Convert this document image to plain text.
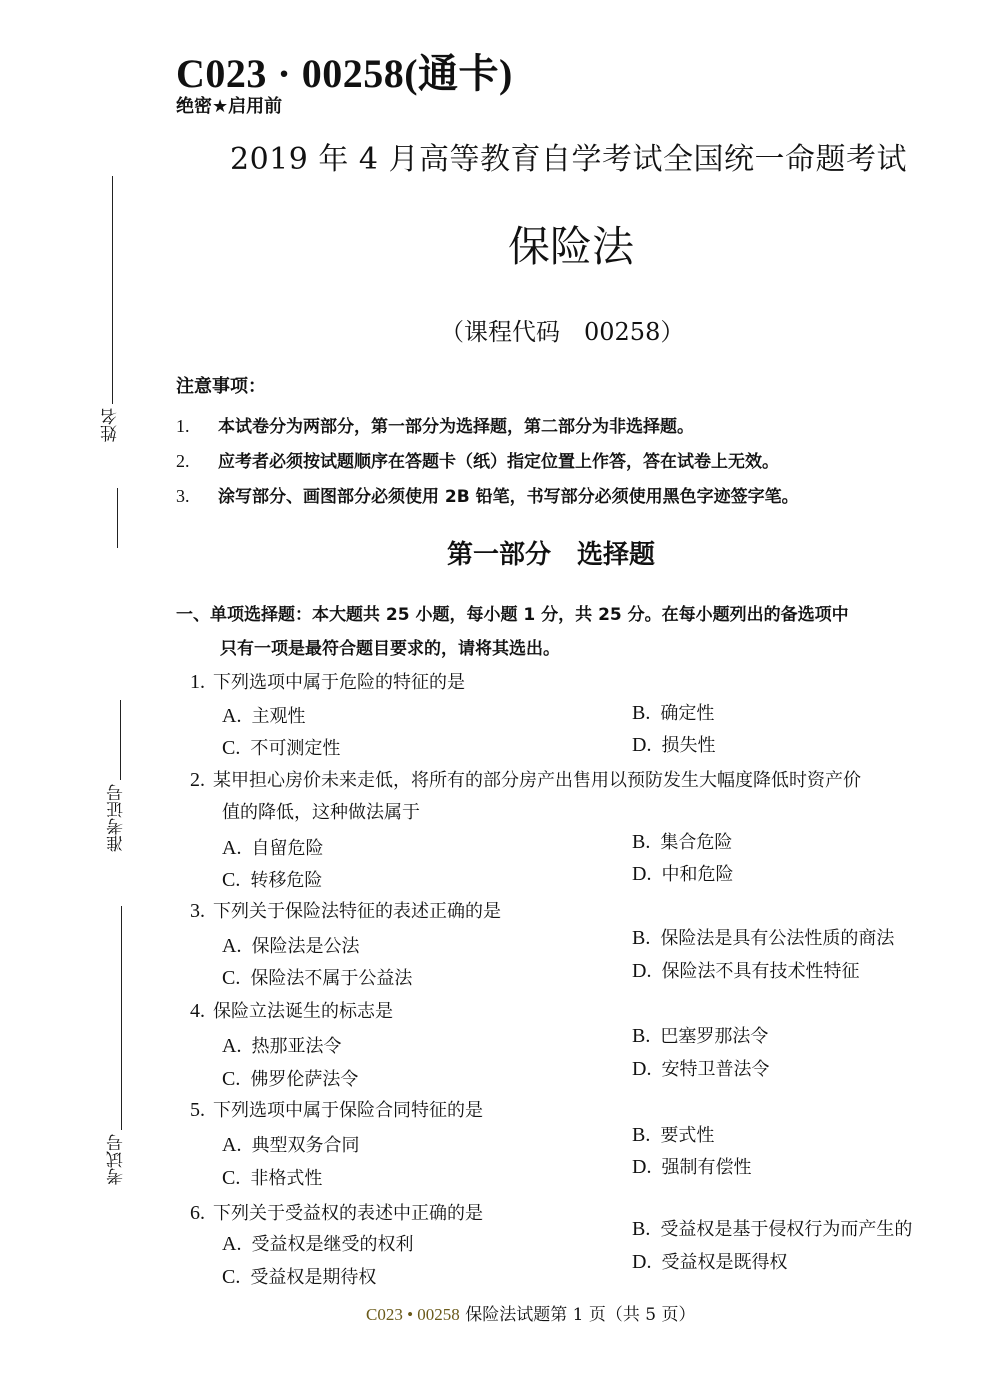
C023 · 00258(通卡)
绝密★启用前
2019 年 4 月高等教育自学考试全国统一命题考试
保险法
（课程代码　00258）
姓名
准考证号
考试号
注意事项：
1. 本试卷分为两部分，第一部分为选择题，第二部分为非选择题。
2. 应考者必须按试题顺序在答题卡（纸）指定位置上作答，答在试卷上无效。
3. 涂写部分、画图部分必须使用 2B 铅笔，书写部分必须使用黑色字迹签字笔。
第一部分　选择题
一、单项选择题：本大题共 25 小题，每小题 1 分，共 25 分。在每小题列出的备选项中
只有一项是最符合题目要求的，请将其选出。
1. 下列选项中属于危险的特征的是
A. 主观性	B. 确定性
C. 不可测定性	D. 损失性
2. 某甲担心房价未来走低，将所有的部分房产出售用以预防发生大幅度降低时资产价
值的降低，这种做法属于
A. 自留危险	B. 集合危险
C. 转移危险	D. 中和危险
3. 下列关于保险法特征的表述正确的是
A. 保险法是公法	B. 保险法是具有公法性质的商法
C. 保险法不属于公益法	D. 保险法不具有技术性特征
4. 保险立法诞生的标志是
A. 热那亚法令	B. 巴塞罗那法令
C. 佛罗伦萨法令	D. 安特卫普法令
5. 下列选项中属于保险合同特征的是
A. 典型双务合同	B. 要式性
C. 非格式性
D. 强制有偿性
6. 下列关于受益权的表述中正确的是
A. 受益权是继受的权利
B. 受益权是基于侵权行为而产生的
C. 受益权是期待权
D. 受益权是既得权
C023 • 00258 保险法试题第 1 页（共 5 页）
